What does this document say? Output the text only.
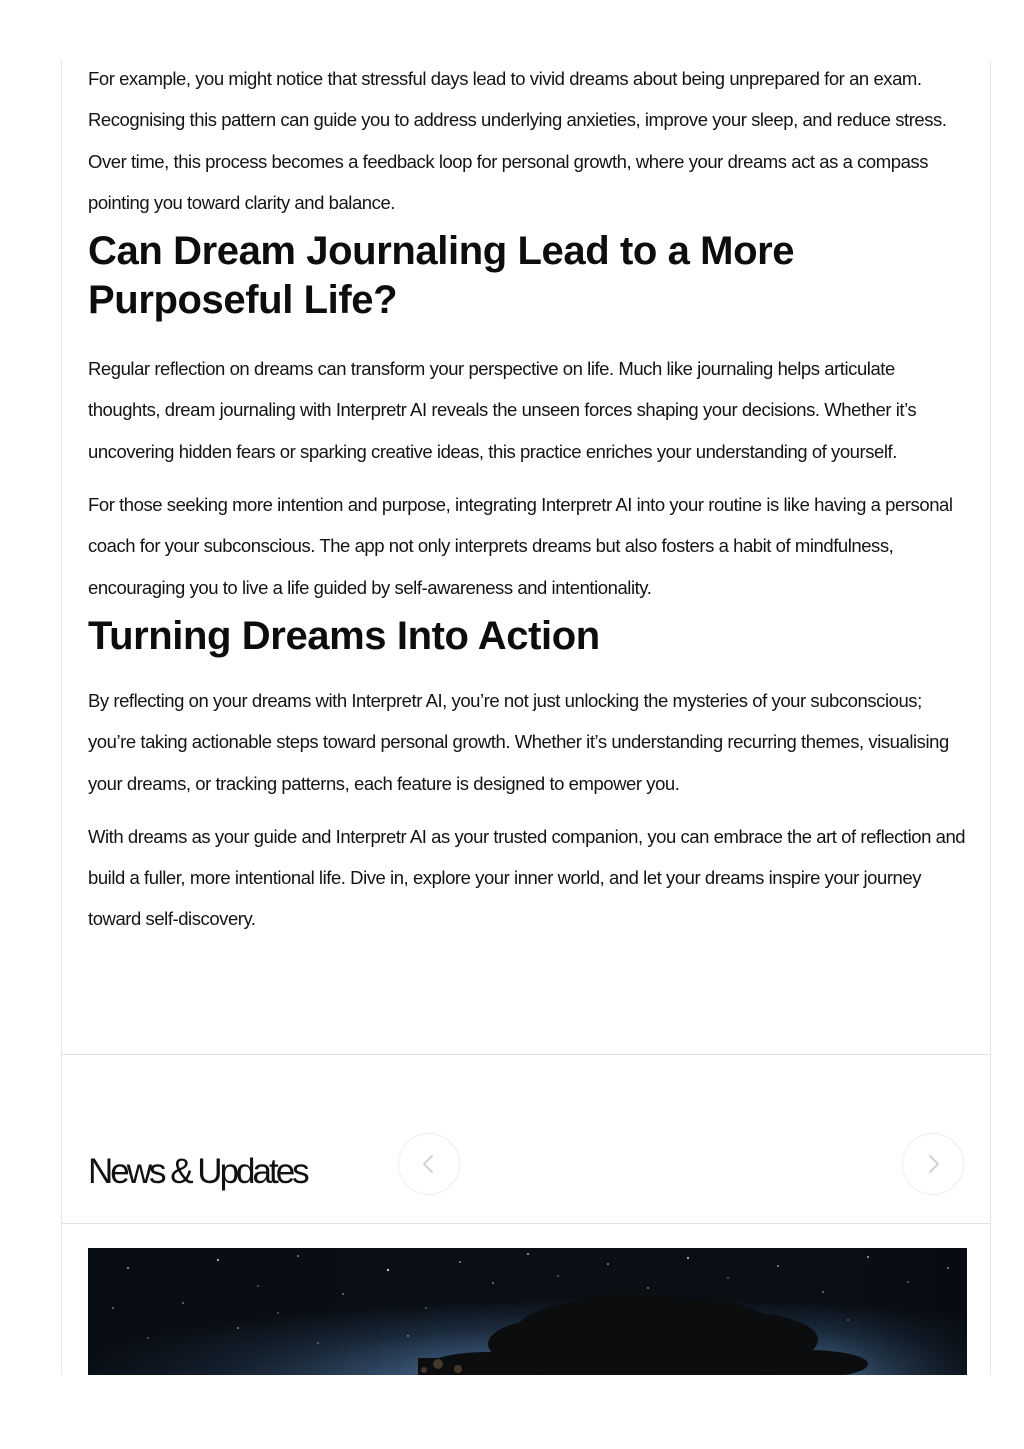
For example, you might notice that stressful days lead to vivid dreams about being unprepared for an exam. Recognising this pattern can guide you to address underlying anxieties, improve your sleep, and reduce stress. Over time, this process becomes a feedback loop for personal growth, where your dreams act as a compass pointing you toward clarity and balance.

Can Dream Journaling Lead to a More Purposeful Life?

Regular reflection on dreams can transform your perspective on life. Much like journaling helps articulate thoughts, dream journaling with Interpretr AI reveals the unseen forces shaping your decisions. Whether it’s uncovering hidden fears or sparking creative ideas, this practice enriches your understanding of yourself.

For those seeking more intention and purpose, integrating Interpretr AI into your routine is like having a personal coach for your subconscious. The app not only interprets dreams but also fosters a habit of mindfulness, encouraging you to live a life guided by self-awareness and intentionality.

Turning Dreams Into Action

By reflecting on your dreams with Interpretr AI, you’re not just unlocking the mysteries of your subconscious; you’re taking actionable steps toward personal growth. Whether it’s understanding recurring themes, visualising your dreams, or tracking patterns, each feature is designed to empower you.

With dreams as your guide and Interpretr AI as your trusted companion, you can embrace the art of reflection and build a fuller, more intentional life. Dive in, explore your inner world, and let your dreams inspire your journey toward self-discovery.

News & Updates
